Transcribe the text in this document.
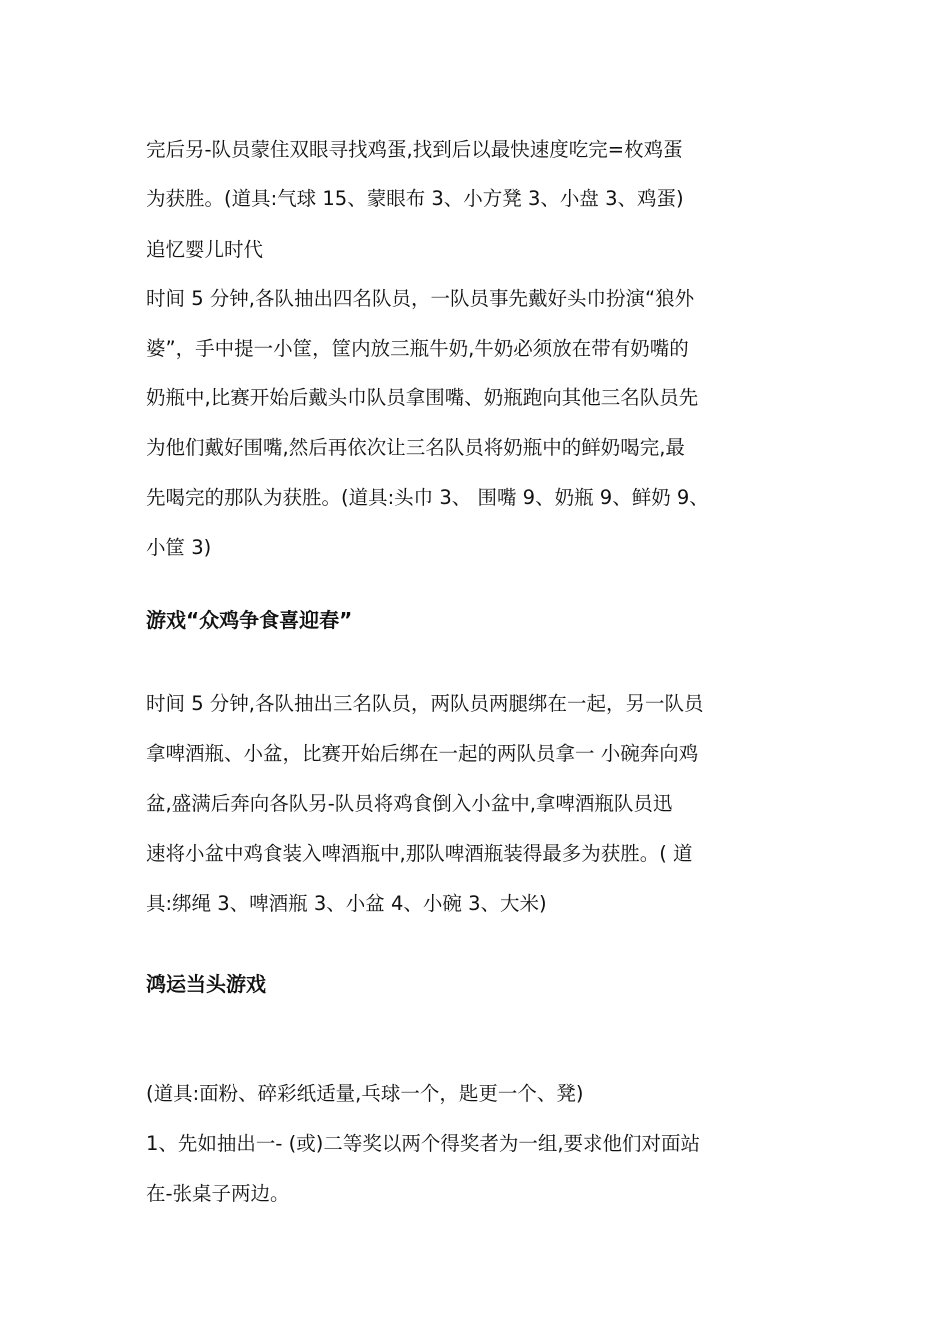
完后另-队员蒙住双眼寻找鸡蛋,找到后以最快速度吃完=枚鸡蛋
为获胜。(道具:气球 15、蒙眼布 3、小方凳 3、小盘 3、鸡蛋)
追忆婴儿时代
时间 5 分钟,各队抽出四名队员，一队员事先戴好头巾扮演“狼外
婆”，手中提一小筐，筐内放三瓶牛奶,牛奶必须放在带有奶嘴的
奶瓶中,比赛开始后戴头巾队员拿围嘴、奶瓶跑向其他三名队员先
为他们戴好围嘴,然后再依次让三名队员将奶瓶中的鲜奶喝完,最
先喝完的那队为获胜。(道具:头巾 3、 围嘴 9、奶瓶 9、鲜奶 9、
小筐 3)
游戏“众鸡争食喜迎春”
时间 5 分钟,各队抽出三名队员，两队员两腿绑在一起，另一队员
拿啤酒瓶、小盆，比赛开始后绑在一起的两队员拿一 小碗奔向鸡
盆,盛满后奔向各队另-队员将鸡食倒入小盆中,拿啤酒瓶队员迅
速将小盆中鸡食装入啤酒瓶中,那队啤酒瓶装得最多为获胜。( 道
具:绑绳 3、啤酒瓶 3、小盆 4、小碗 3、大米)
鸿运当头游戏
(道具:面粉、碎彩纸适量,乓球一个，匙更一个、凳)
1、先如抽出一- (或)二等奖以两个得奖者为一组,要求他们对面站
在-张桌子两边。
